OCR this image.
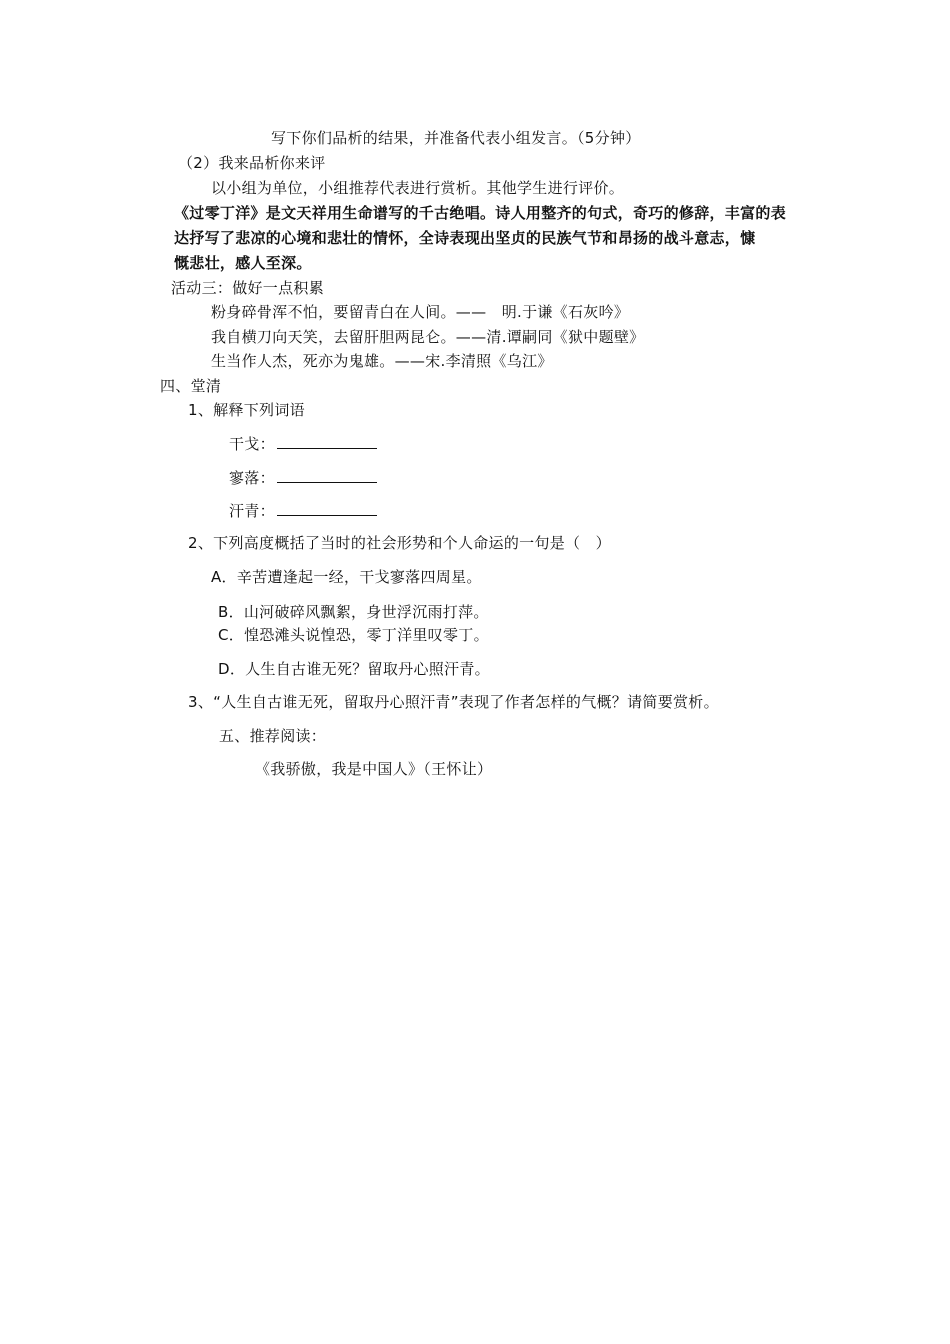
写下你们品析的结果，并准备代表小组发言。（5分钟）
（2）我来品析你来评
以小组为单位，小组推荐代表进行赏析。其他学生进行评价。
《过零丁洋》是文天祥用生命谱写的千古绝唱。诗人用整齐的句式，奇巧的修辞，丰富的表
达抒写了悲凉的心境和悲壮的情怀，全诗表现出坚贞的民族气节和昂扬的战斗意志，慷
慨悲壮，感人至深。
活动三：做好一点积累
粉身碎骨浑不怕，要留青白在人间。——　明.于谦《石灰吟》
我自横刀向天笑，去留肝胆两昆仑。——清.谭嗣同《狱中题壁》
生当作人杰，死亦为鬼雄。——宋.李清照《乌江》
四、堂清
1、解释下列词语
干戈：
寥落：
汗青：
2、下列高度概括了当时的社会形势和个人命运的一句是（　）
A．辛苦遭逢起一经，干戈寥落四周星。
B．山河破碎风飘絮，身世浮沉雨打萍。
C．惶恐滩头说惶恐，零丁洋里叹零丁。
D．人生自古谁无死？留取丹心照汗青。
3、“人生自古谁无死，留取丹心照汗青”表现了作者怎样的气概？请简要赏析。
五、推荐阅读：
《我骄傲，我是中国人》（王怀让）
